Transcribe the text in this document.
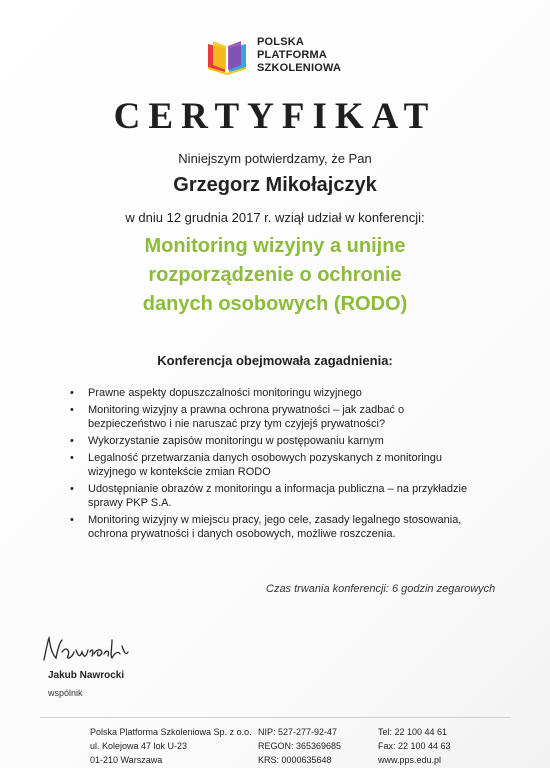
POLSKA
PLATFORMA
SZKOLENIOWA
CERTYFIKAT
Niniejszym potwierdzamy, że Pan
Grzegorz Mikołajczyk
w dniu 12 grudnia 2017 r. wziął udział w konferencji:
Monitoring wizyjny a unijne
rozporządzenie o ochronie
danych osobowych (RODO)
Konferencja obejmowała zagadnienia:
• Prawne aspekty dopuszczalności monitoringu wizyjnego
• Monitoring wizyjny a prawna ochrona prywatności – jak zadbać o bezpieczeństwo i nie naruszać przy tym czyjejś prywatności?
• Wykorzystanie zapisów monitoringu w postępowaniu karnym
• Legalność przetwarzania danych osobowych pozyskanych z monitoringu wizyjnego w kontekście zmian RODO
• Udostępnianie obrazów z monitoringu a informacja publiczna – na przykładzie sprawy PKP S.A.
• Monitoring wizyjny w miejscu pracy, jego cele, zasady legalnego stosowania, ochrona prywatności i danych osobowych, możliwe roszczenia.
Czas trwania konferencji: 6 godzin zegarowych
Jakub Nawrocki
wspólnik
Polska Platforma Szkoleniowa Sp. z o.o.
ul. Kolejowa 47 lok U-23
01-210 Warszawa
NIP: 527-277-92-47
REGON: 365369685
KRS: 0000635648
Tel: 22 100 44 61
Fax: 22 100 44 63
www.pps.edu.pl
